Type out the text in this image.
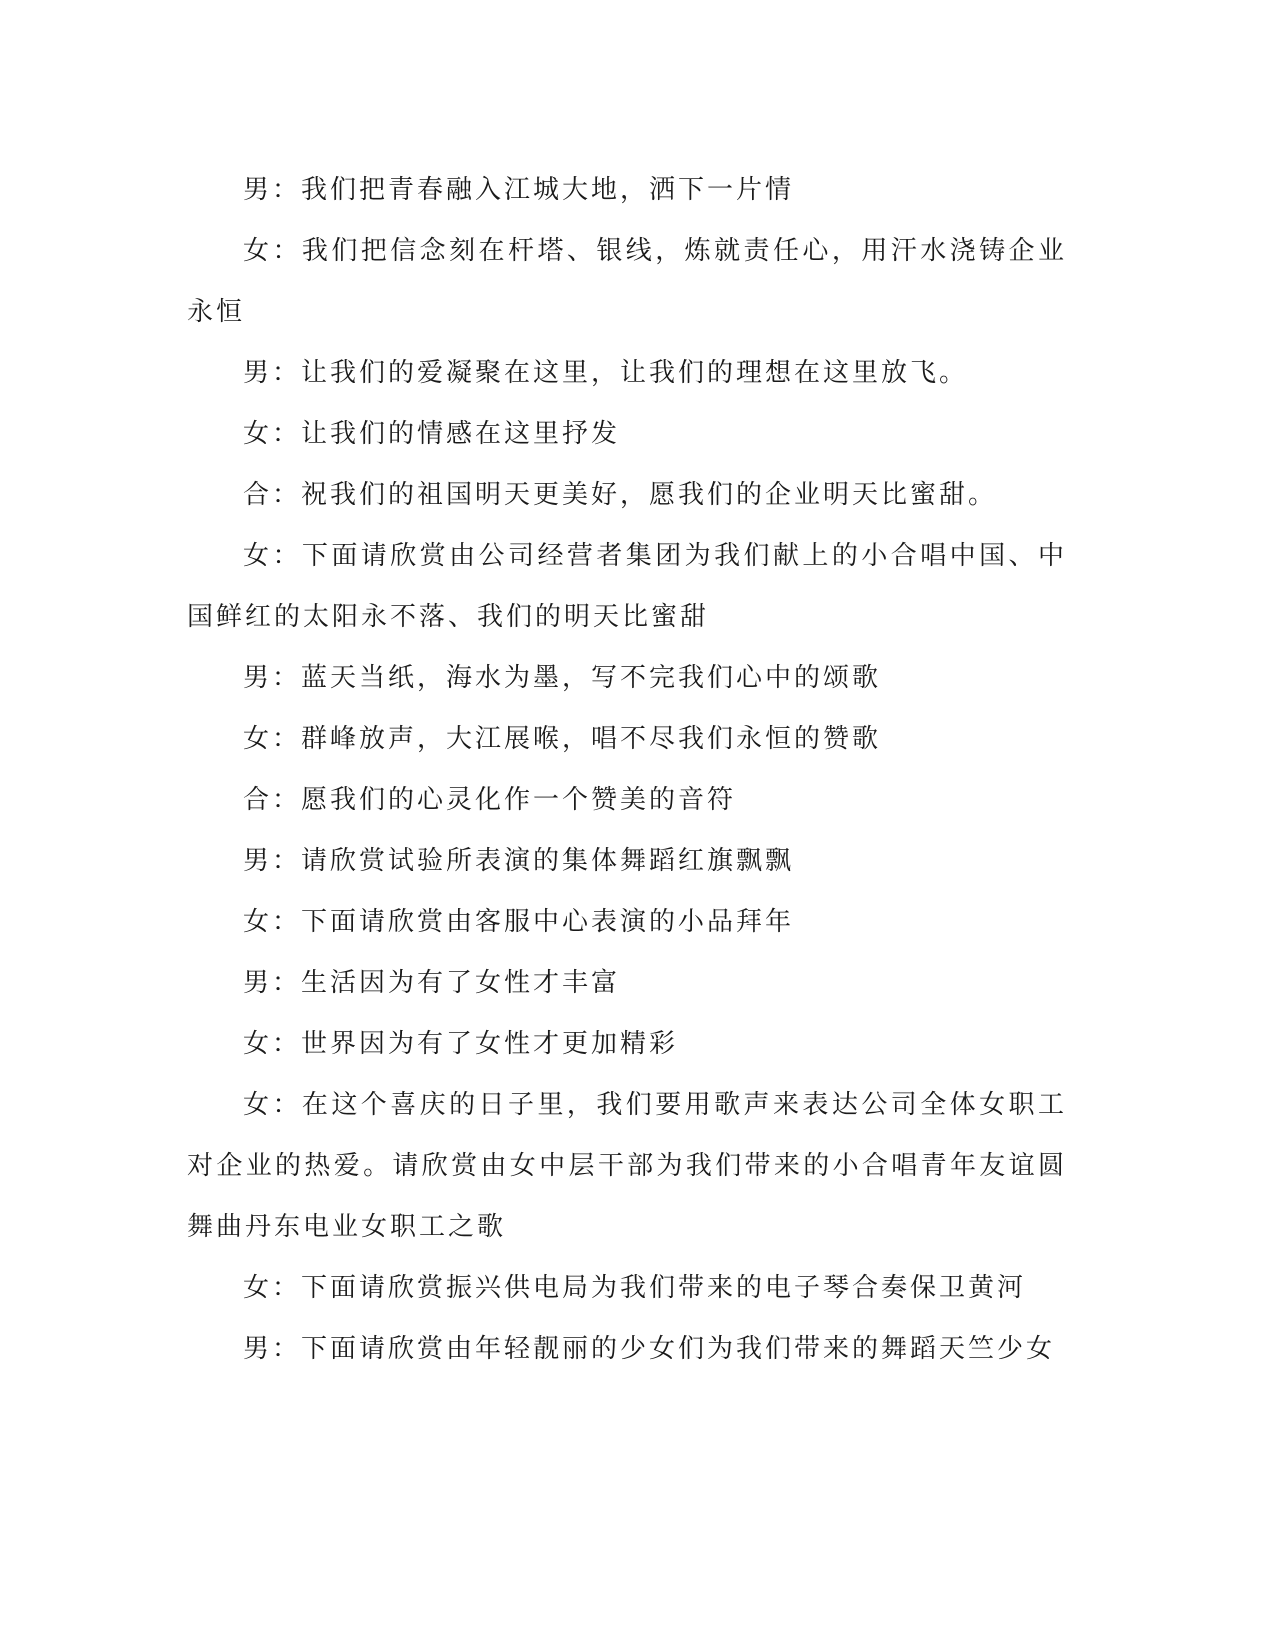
男：我们把青春融入江城大地，洒下一片情

女：我们把信念刻在杆塔、银线，炼就责任心，用汗水浇铸企业永恒

男：让我们的爱凝聚在这里，让我们的理想在这里放飞。

女：让我们的情感在这里抒发

合：祝我们的祖国明天更美好，愿我们的企业明天比蜜甜。

女：下面请欣赏由公司经营者集团为我们献上的小合唱中国、中国鲜红的太阳永不落、我们的明天比蜜甜

男：蓝天当纸，海水为墨，写不完我们心中的颂歌

女：群峰放声，大江展喉，唱不尽我们永恒的赞歌

合：愿我们的心灵化作一个赞美的音符

男：请欣赏试验所表演的集体舞蹈红旗飘飘

女：下面请欣赏由客服中心表演的小品拜年

男：生活因为有了女性才丰富

女：世界因为有了女性才更加精彩

女：在这个喜庆的日子里，我们要用歌声来表达公司全体女职工对企业的热爱。请欣赏由女中层干部为我们带来的小合唱青年友谊圆舞曲丹东电业女职工之歌

女：下面请欣赏振兴供电局为我们带来的电子琴合奏保卫黄河

男：下面请欣赏由年轻靓丽的少女们为我们带来的舞蹈天竺少女
